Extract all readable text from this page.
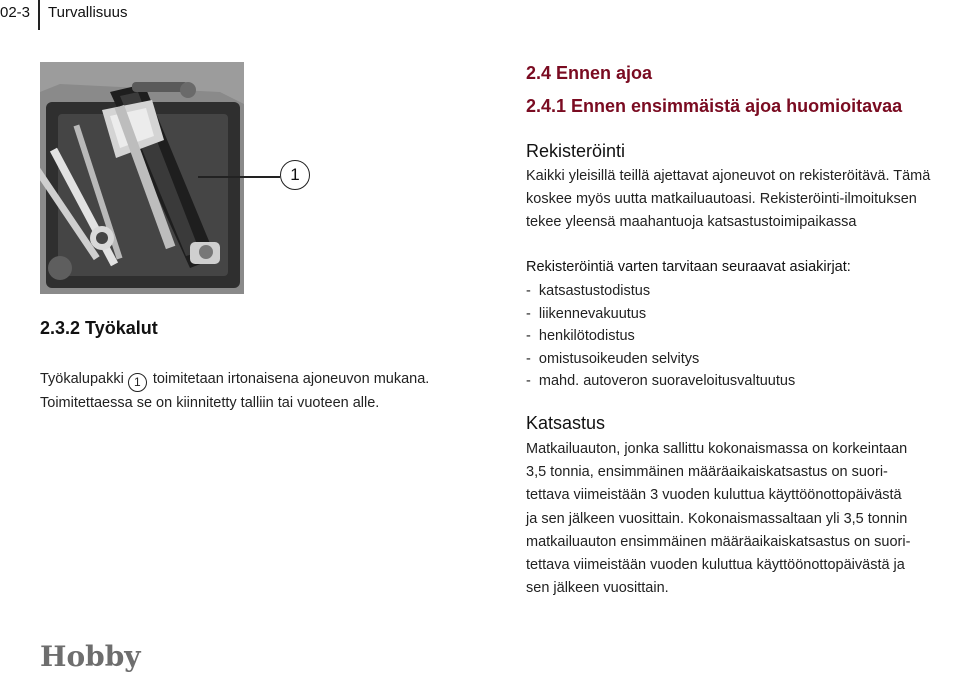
02-3 Turvallisuus
1
2.3.2 Työkalut
Työkalupakki 1 toimitetaan irtonaisena ajoneuvon mukana.
Toimitettaessa se on kiinnitetty talliin tai vuoteen alle.
2.4 Ennen ajoa
2.4.1 Ennen ensimmäistä ajoa huomioitavaa
Rekisteröinti
Kaikki yleisillä teillä ajettavat ajoneuvot on rekisteröitävä. Tämä
koskee myös uutta matkailuautoasi. Rekisteröinti-ilmoituksen
tekee yleensä maahantuoja katsastustoimipaikassa
Rekisteröintiä varten tarvitaan seuraavat asiakirjat:
-  katsastustodistus
-  liikennevakuutus
-  henkilötodistus
-  omistusoikeuden selvitys
-  mahd. autoveron suoraveloitusvaltuutus
Katsastus
Matkailuauton, jonka sallittu kokonaismassa on korkeintaan
3,5 tonnia, ensimmäinen määräaikaiskatsastus on suori-
tettava viimeistään 3 vuoden kuluttua käyttöönottopäivästä
ja sen jälkeen vuosittain. Kokonaismassaltaan yli 3,5 tonnin
matkailuauton ensimmäinen määräaikaiskatsastus on suori-
tettava viimeistään vuoden kuluttua käyttöönottopäivästä ja
sen jälkeen vuosittain.
Hobby
